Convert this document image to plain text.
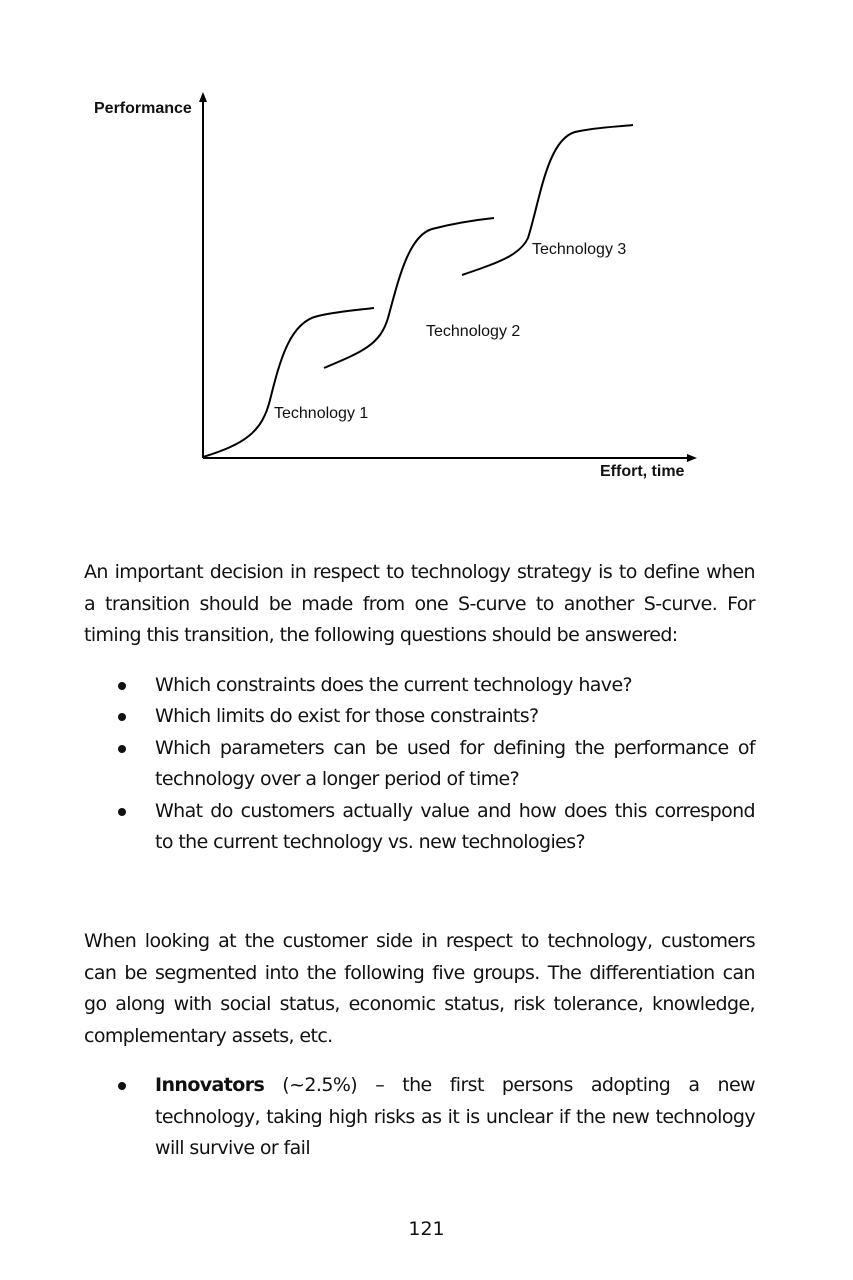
Performance
Effort, time
Technology 1
Technology 2
Technology 3

An important decision in respect to technology strategy is to define when a transition should be made from one S-curve to another S-curve. For timing this transition, the following questions should be answered:

Which constraints does the current technology have?
Which limits do exist for those constraints?
Which parameters can be used for defining the performance of technology over a longer period of time?
What do customers actually value and how does this correspond to the current technology vs. new technologies?

When looking at the customer side in respect to technology, customers can be segmented into the following five groups. The differentiation can go along with social status, economic status, risk tolerance, knowledge, complementary assets, etc.

Innovators (~2.5%) – the first persons adopting a new technology, taking high risks as it is unclear if the new technology will survive or fail
121
